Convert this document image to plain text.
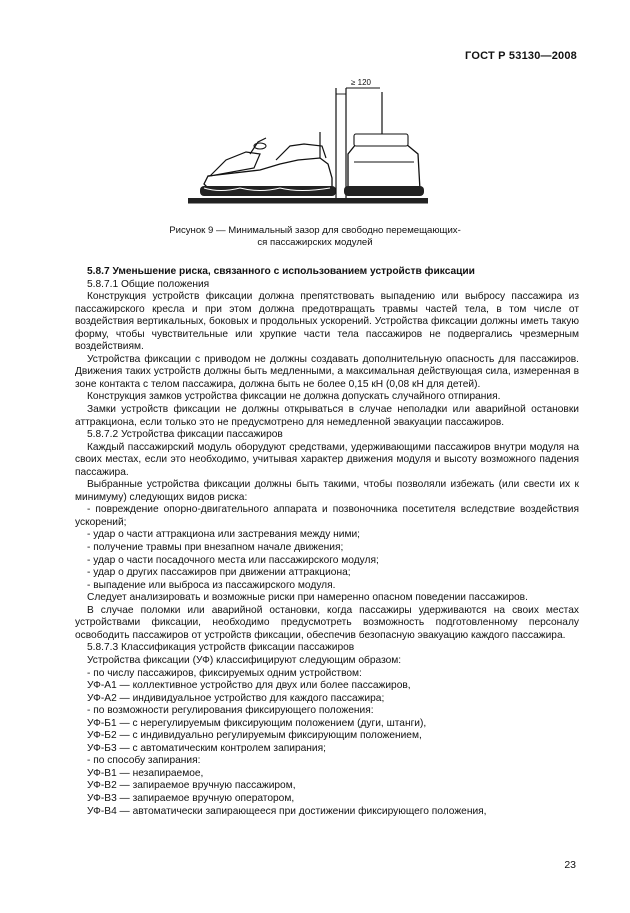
ГОСТ Р 53130—2008
≥ 120
Рисунок 9 — Минимальный зазор для свободно перемещающих-
ся пассажирских модулей

5.8.7 Уменьшение риска, связанного с использованием устройств фиксации

5.8.7.1 Общие положения

Конструкция устройств фиксации должна препятствовать выпадению или выбросу пассажира из пассажирского кресла и при этом должна предотвращать травмы частей тела, в том числе от воздействия вертикальных, боковых и продольных ускорений. Устройства фиксации должны иметь такую форму, чтобы чувствительные или хрупкие части тела пассажиров не подвергались чрезмерным воздействиям.

Устройства фиксации с приводом не должны создавать дополнительную опасность для пассажиров. Движения таких устройств должны быть медленными, а максимальная действующая сила, измеренная в зоне контакта с телом пассажира, должна быть не более 0,15 кН (0,08 кН для детей).

Конструкция замков устройства фиксации не должна допускать случайного отпирания.

Замки устройств фиксации не должны открываться в случае неполадки или аварийной остановки аттракциона, если только это не предусмотрено для немедленной эвакуации пассажиров.

5.8.7.2 Устройства фиксации пассажиров

Каждый пассажирский модуль оборудуют средствами, удерживающими пассажиров внутри модуля на своих местах, если это необходимо, учитывая характер движения модуля и высоту возможного падения пассажира.

Выбранные устройства фиксации должны быть такими, чтобы позволяли избежать (или свести их к минимуму) следующих видов риска:

- повреждение опорно-двигательного аппарата и позвоночника посетителя вследствие воздействия ускорений;

- удар о части аттракциона или застревания между ними;

- получение травмы при внезапном начале движения;

- удар о части посадочного места или пассажирского модуля;

- удар о других пассажиров при движении аттракциона;

- выпадение или выброса из пассажирского модуля.

Следует анализировать и возможные риски при намеренно опасном поведении пассажиров.

В случае поломки или аварийной остановки, когда пассажиры удерживаются на своих местах устройствами фиксации, необходимо предусмотреть возможность подготовленному персоналу освободить пассажиров от устройств фиксации, обеспечив безопасную эвакуацию каждого пассажира.

5.8.7.3 Классификация устройств фиксации пассажиров

Устройства фиксации (УФ) классифицируют следующим образом:

- по числу пассажиров, фиксируемых одним устройством:

УФ-А1 — коллективное устройство для двух или более пассажиров,

УФ-А2 — индивидуальное устройство для каждого пассажира;

- по возможности регулирования фиксирующего положения:

УФ-Б1 — с нерегулируемым фиксирующим положением (дуги, штанги),

УФ-Б2 — с индивидуально регулируемым фиксирующим положением,

УФ-Б3 — с автоматическим контролем запирания;

- по способу запирания:

УФ-В1 — незапираемое,

УФ-В2 — запираемое вручную пассажиром,

УФ-В3 — запираемое вручную оператором,

УФ-В4 — автоматически запирающееся при достижении фиксирующего положения,

23
